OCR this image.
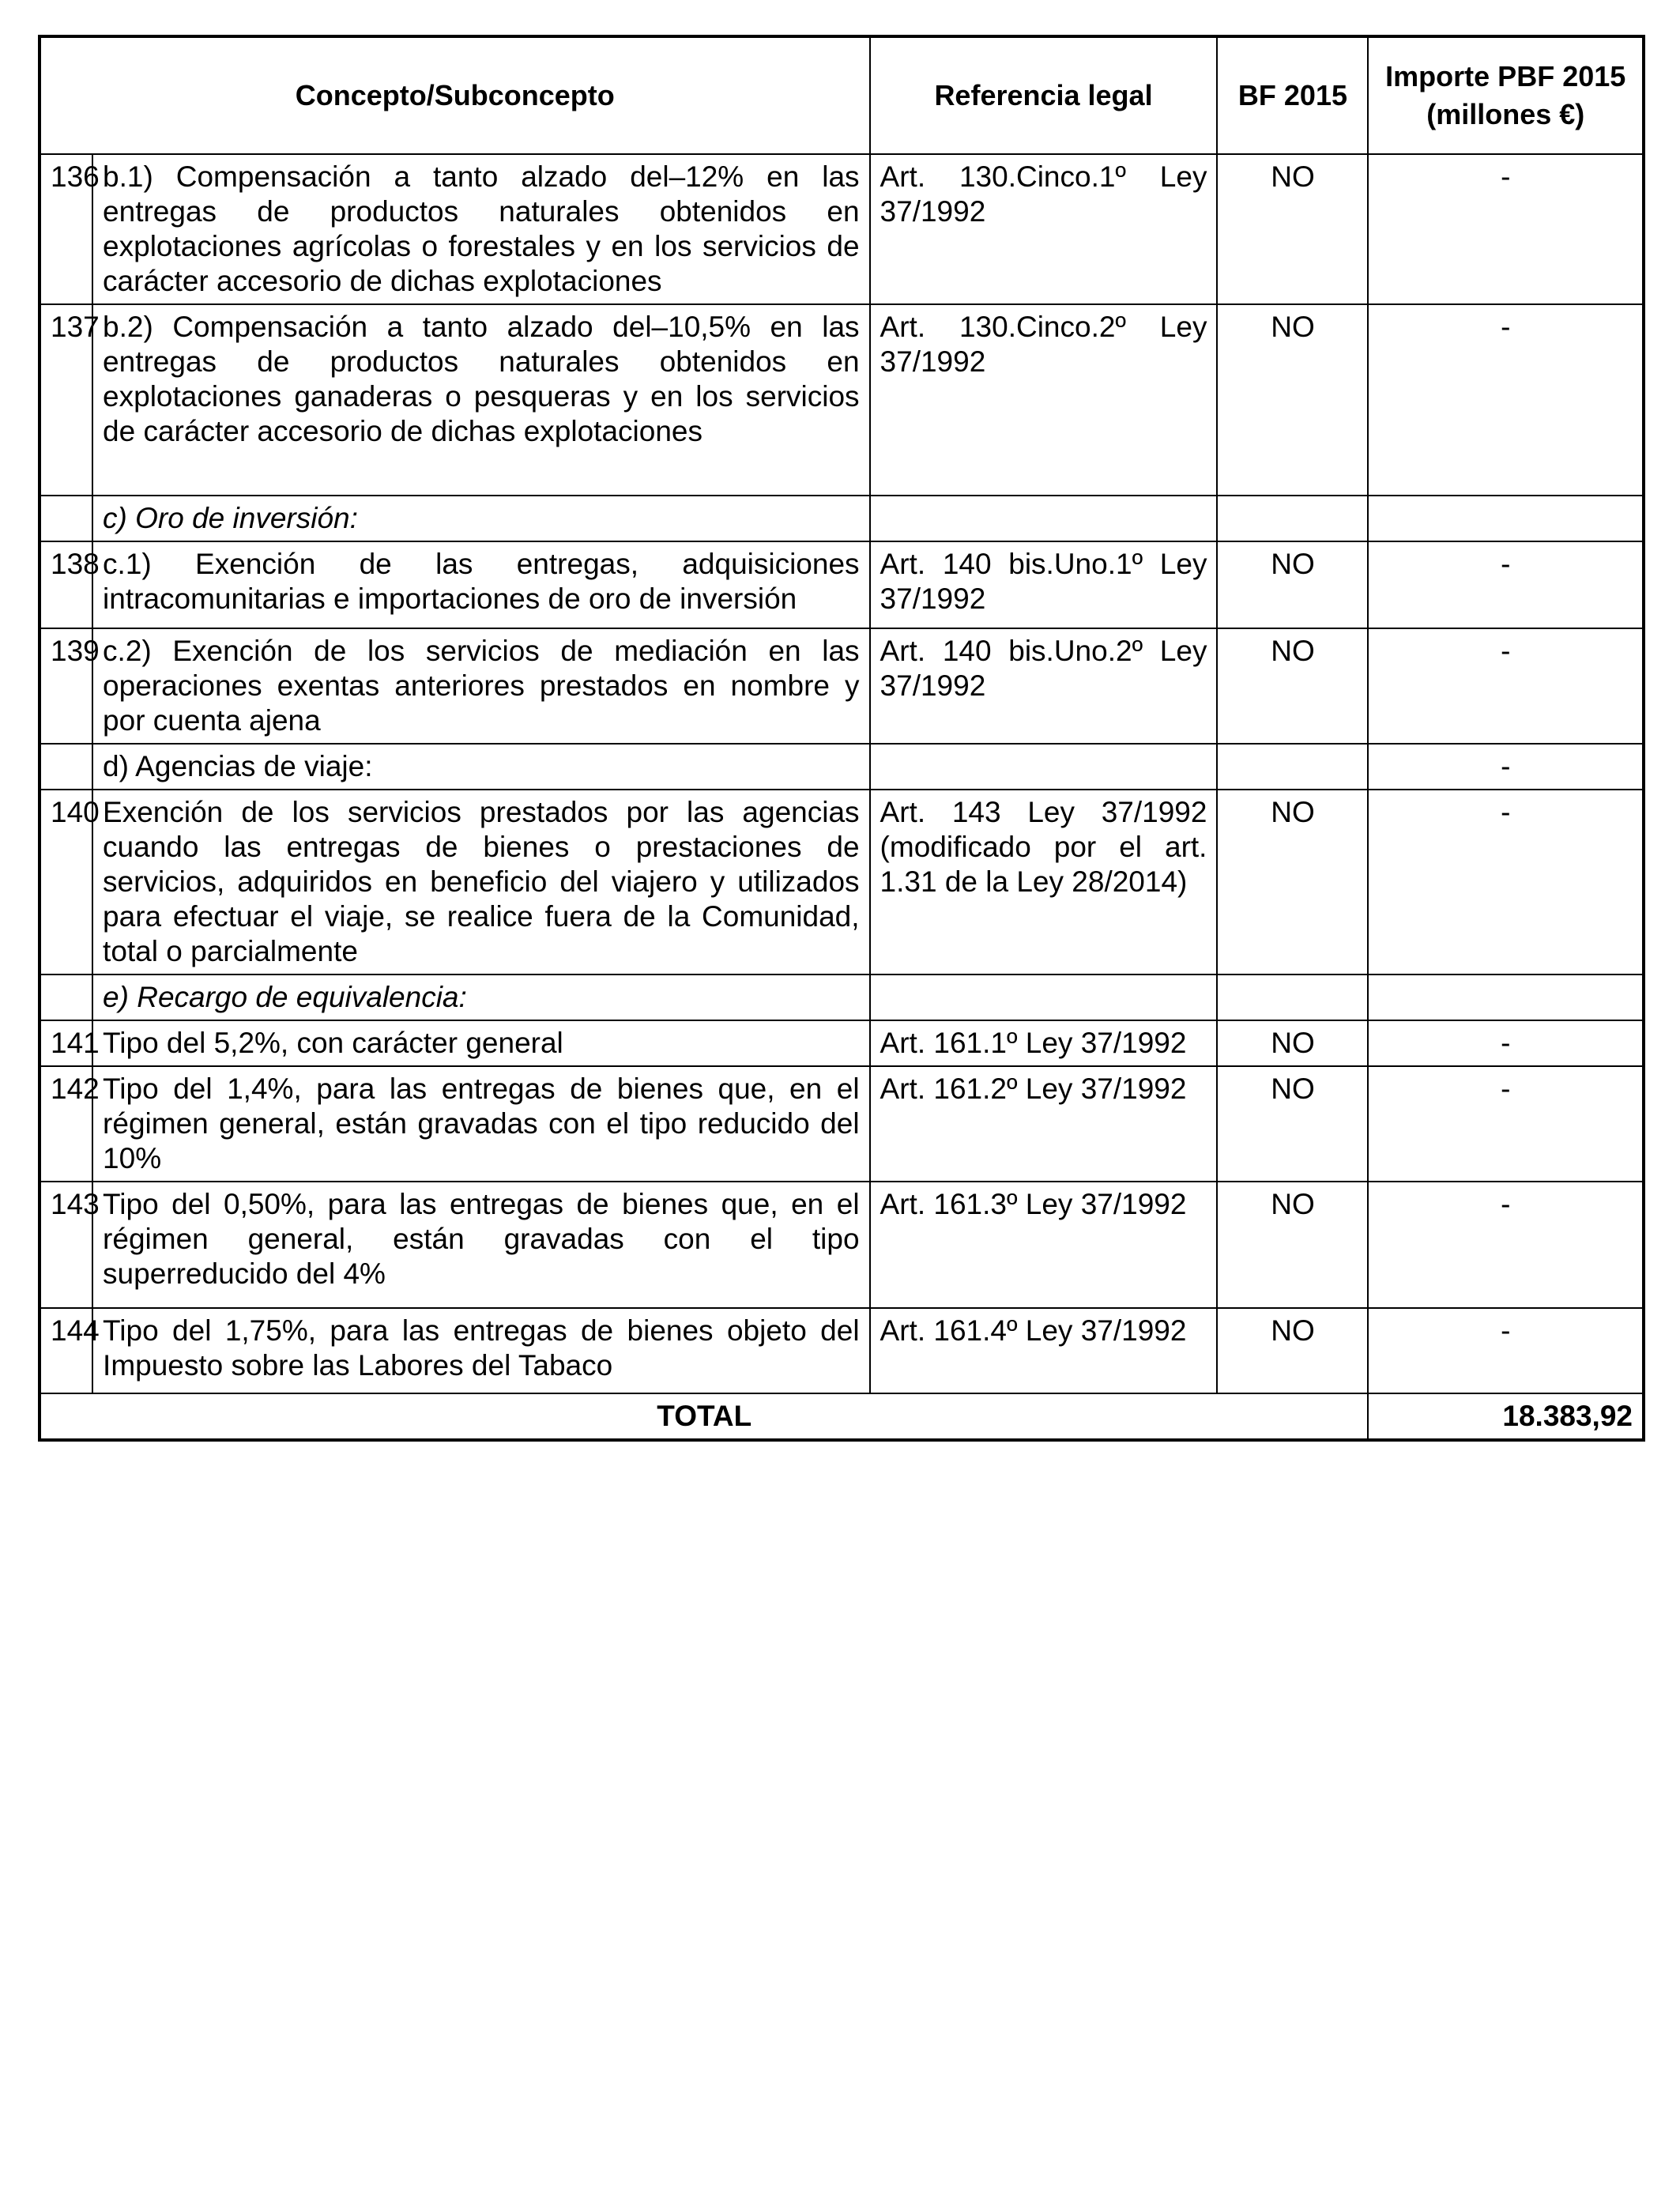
Concepto/Subconcepto		Referencia legal	BF 2015	Importe PBF 2015 (millones €)
136	b.1) Compensación a tanto alzado del–12% en las entregas de productos naturales obtenidos en explotaciones agrícolas o forestales y en los servicios de carácter accesorio de dichas explotaciones	Art. 130.Cinco.1º Ley 37/1992	NO	-
137	b.2) Compensación a tanto alzado del–10,5% en las entregas de productos naturales obtenidos en explotaciones ganaderas o pesqueras y en los servicios de carácter accesorio de dichas explotaciones	Art. 130.Cinco.2º Ley 37/1992	NO	-
	c) Oro de inversión:			
138	c.1) Exención de las entregas, adquisiciones intracomunitarias e importaciones de oro de inversión	Art. 140 bis.Uno.1º Ley 37/1992	NO	-
139	c.2) Exención de los servicios de mediación en las operaciones exentas anteriores prestados en nombre y por cuenta ajena	Art. 140 bis.Uno.2º Ley 37/1992	NO	-
	d) Agencias de viaje:			-
140	Exención de los servicios prestados por las agencias cuando las entregas de bienes o prestaciones de servicios, adquiridos en beneficio del viajero y utilizados para efectuar el viaje, se realice fuera de la Comunidad, total o parcialmente	Art. 143 Ley 37/1992 (modificado por el art. 1.31 de la Ley 28/2014)	NO	-
	e) Recargo de equivalencia:			
141	Tipo del 5,2%, con carácter general	Art. 161.1º Ley 37/1992	NO	-
142	Tipo del 1,4%, para las entregas de bienes que, en el régimen general, están gravadas con el tipo reducido del 10%	Art. 161.2º Ley 37/1992	NO	-
143	Tipo del 0,50%, para las entregas de bienes que, en el régimen general, están gravadas con el tipo superreducido del 4%	Art. 161.3º Ley 37/1992	NO	-
144	Tipo del 1,75%, para las entregas de bienes objeto del Impuesto sobre las Labores del Tabaco	Art. 161.4º Ley 37/1992	NO	-
TOTAL				18.383,92
